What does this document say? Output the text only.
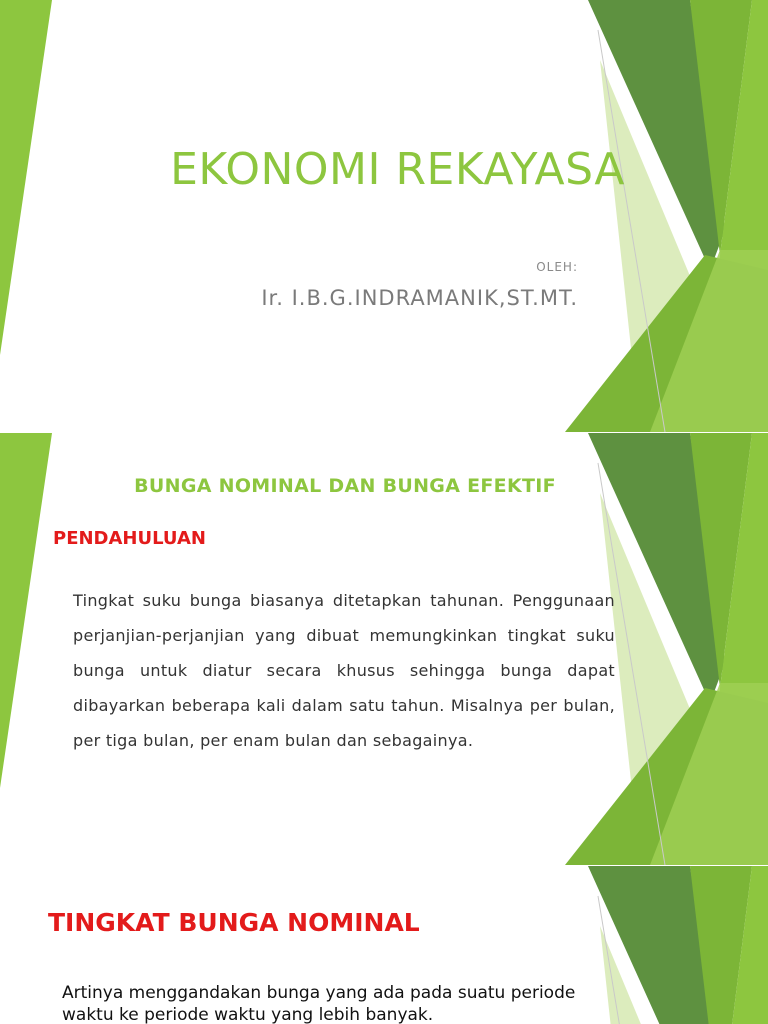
EKONOMI REKAYASA
OLEH:
Ir. I.B.G.INDRAMANIK,ST.MT.
BUNGA NOMINAL DAN BUNGA EFEKTIF
PENDAHULUAN

Tingkat suku bunga biasanya ditetapkan tahunan. Penggunaan perjanjian-perjanjian yang dibuat memungkinkan tingkat suku bunga untuk diatur secara khusus sehingga bunga dapat dibayarkan beberapa kali dalam satu tahun. Misalnya per bulan, per tiga bulan, per enam bulan dan sebagainya.

TINGKAT BUNGA NOMINAL

Artinya menggandakan bunga yang ada pada suatu periode waktu ke periode waktu yang lebih banyak.
